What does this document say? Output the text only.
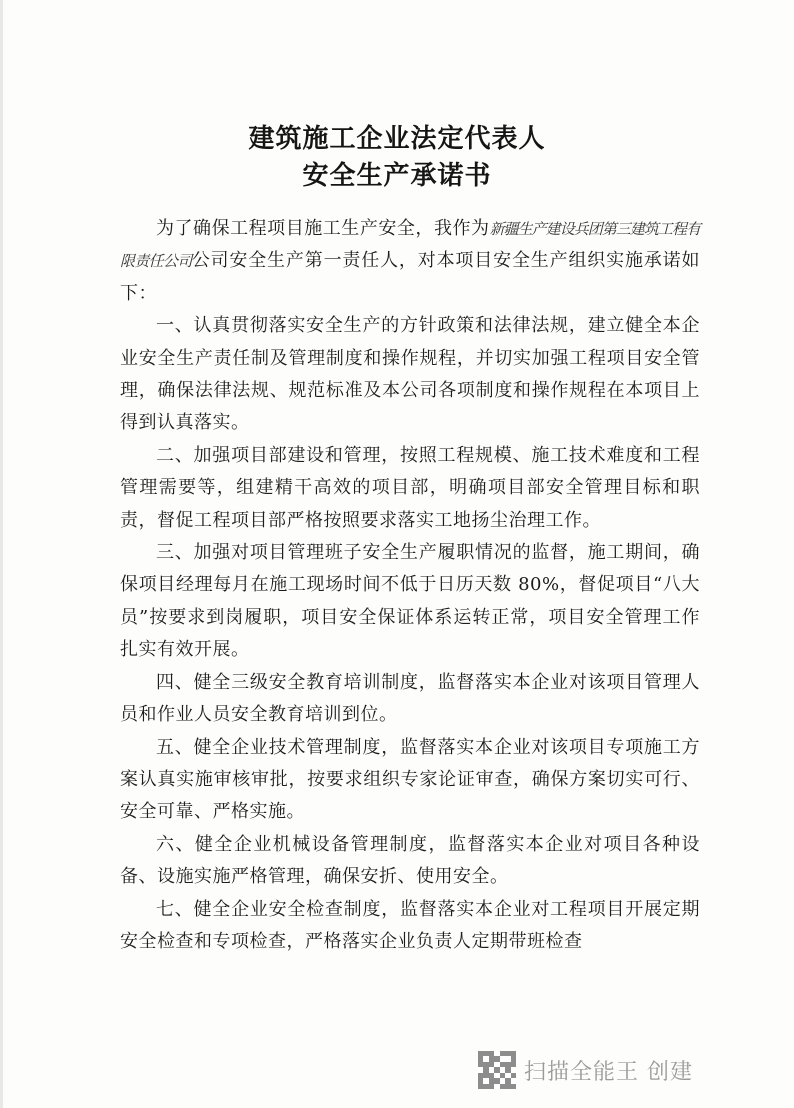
建筑施工企业法定代表人
安全生产承诺书

为了确保工程项目施工生产安全，我作为新疆生产建设兵团第三建筑工程有限责任公司公司安全生产第一责任人，对本项目安全生产组织实施承诺如下：

一、认真贯彻落实安全生产的方针政策和法律法规，建立健全本企业安全生产责任制及管理制度和操作规程，并切实加强工程项目安全管理，确保法律法规、规范标准及本公司各项制度和操作规程在本项目上得到认真落实。

二、加强项目部建设和管理，按照工程规模、施工技术难度和工程管理需要等，组建精干高效的项目部，明确项目部安全管理目标和职责，督促工程项目部严格按照要求落实工地扬尘治理工作。

三、加强对项目管理班子安全生产履职情况的监督，施工期间，确保项目经理每月在施工现场时间不低于日历天数 80%，督促项目“八大员”按要求到岗履职，项目安全保证体系运转正常，项目安全管理工作扎实有效开展。

四、健全三级安全教育培训制度，监督落实本企业对该项目管理人员和作业人员安全教育培训到位。

五、健全企业技术管理制度，监督落实本企业对该项目专项施工方案认真实施审核审批，按要求组织专家论证审查，确保方案切实可行、安全可靠、严格实施。

六、健全企业机械设备管理制度，监督落实本企业对项目各种设备、设施实施严格管理，确保安折、使用安全。

七、健全企业安全检查制度，监督落实本企业对工程项目开展定期安全检查和专项检查，严格落实企业负责人定期带班检查

扫描全能王 创建
